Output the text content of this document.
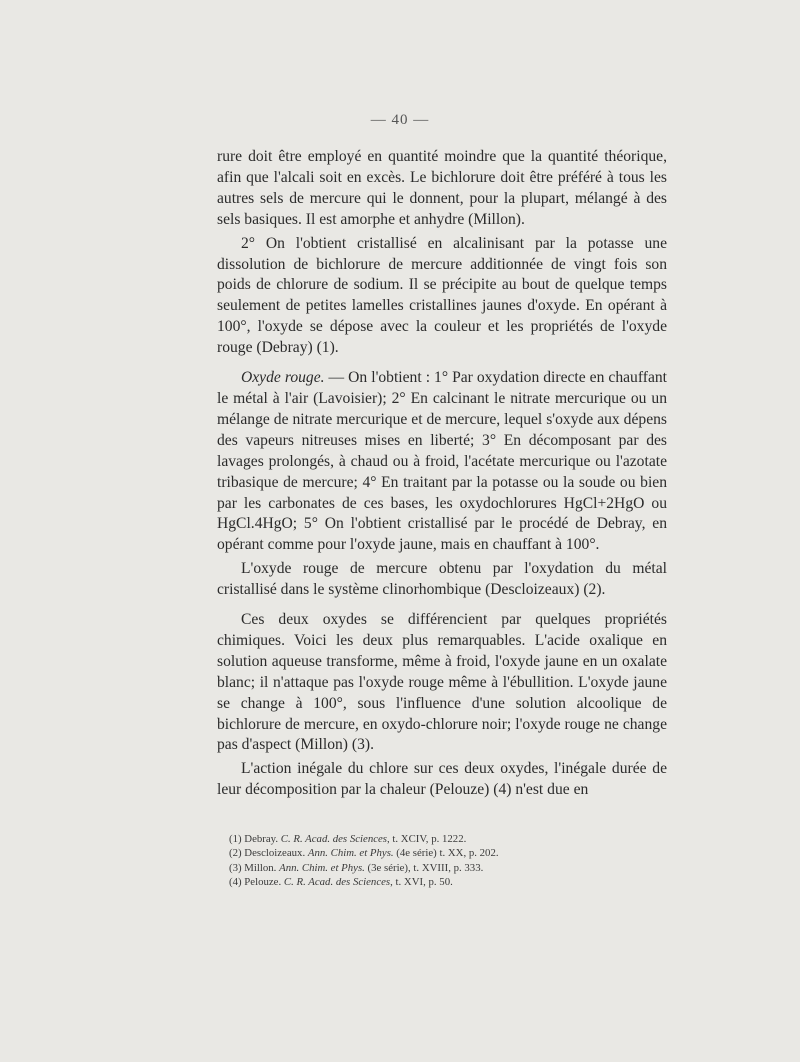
— 40 —

rure doit être employé en quantité moindre que la quantité théorique, afin que l'alcali soit en excès. Le bichlorure doit être préféré à tous les autres sels de mercure qui le donnent, pour la plupart, mélangé à des sels basiques. Il est amorphe et anhydre (Millon).

2° On l'obtient cristallisé en alcalinisant par la potasse une dissolution de bichlorure de mercure additionnée de vingt fois son poids de chlorure de sodium. Il se précipite au bout de quelque temps seulement de petites lamelles cristallines jaunes d'oxyde. En opérant à 100°, l'oxyde se dépose avec la couleur et les propriétés de l'oxyde rouge (Debray) (1).

Oxyde rouge. — On l'obtient : 1° Par oxydation directe en chauffant le métal à l'air (Lavoisier); 2° En calcinant le nitrate mercurique ou un mélange de nitrate mercurique et de mercure, lequel s'oxyde aux dépens des vapeurs nitreuses mises en liberté; 3° En décomposant par des lavages prolongés, à chaud ou à froid, l'acétate mercurique ou l'azotate tribasique de mercure; 4° En traitant par la potasse ou la soude ou bien par les carbonates de ces bases, les oxydochlorures HgCl+2HgO ou HgCl.4HgO; 5° On l'obtient cristallisé par le procédé de Debray, en opérant comme pour l'oxyde jaune, mais en chauffant à 100°.

L'oxyde rouge de mercure obtenu par l'oxydation du métal cristallisé dans le système clinorhombique (Descloizeaux) (2).

Ces deux oxydes se différencient par quelques propriétés chimiques. Voici les deux plus remarquables. L'acide oxalique en solution aqueuse transforme, même à froid, l'oxyde jaune en un oxalate blanc; il n'attaque pas l'oxyde rouge même à l'ébullition. L'oxyde jaune se change à 100°, sous l'influence d'une solution alcoolique de bichlorure de mercure, en oxydo-chlorure noir; l'oxyde rouge ne change pas d'aspect (Millon) (3).

L'action inégale du chlore sur ces deux oxydes, l'inégale durée de leur décomposition par la chaleur (Pelouze) (4) n'est due en

(1) Debray. C. R. Acad. des Sciences, t. XCIV, p. 1222.

(2) Descloizeaux. Ann. Chim. et Phys. (4e série) t. XX, p. 202.

(3) Millon. Ann. Chim. et Phys. (3e série), t. XVIII, p. 333.

(4) Pelouze. C. R. Acad. des Sciences, t. XVI, p. 50.
